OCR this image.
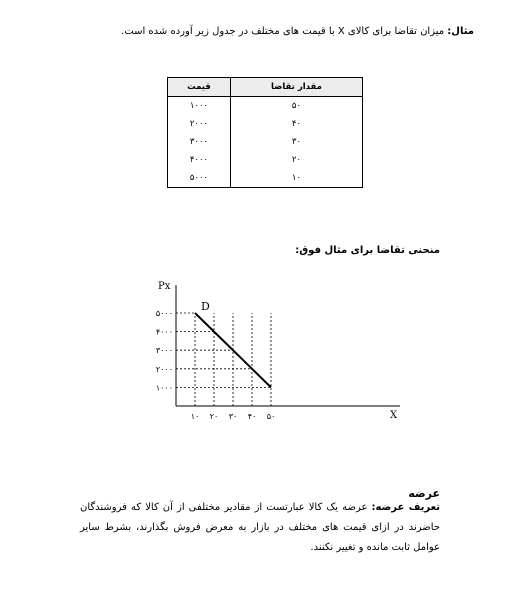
مثال: میزان تقاضا برای کالای X با قیمت های مختلف در جدول زیر آورده شده است.
مقدار تقاضا	قیمت
۵۰	۱۰۰۰
۴۰	۲۰۰۰
۳۰	۳۰۰۰
۲۰	۴۰۰۰
۱۰	۵۰۰۰
منحنی تقاضا برای مثال فوق:
۱۰ ۲۰ ۳۰ ۴۰ ۵۰
۱۰۰۰
۲۰۰۰
۳۰۰۰
۴۰۰۰
۵۰۰۰
Px
X
D
عرضه
تعریف عرضه: عرضه یک کالا عبارتست از مقادیر مختلفی از آن کالا که فروشندگان حاضرند در ازای قیمت های مختلف در بازار به معرض فروش بگذارند، بشرط سایر عوامل ثابت مانده و تغییر نکنند.
